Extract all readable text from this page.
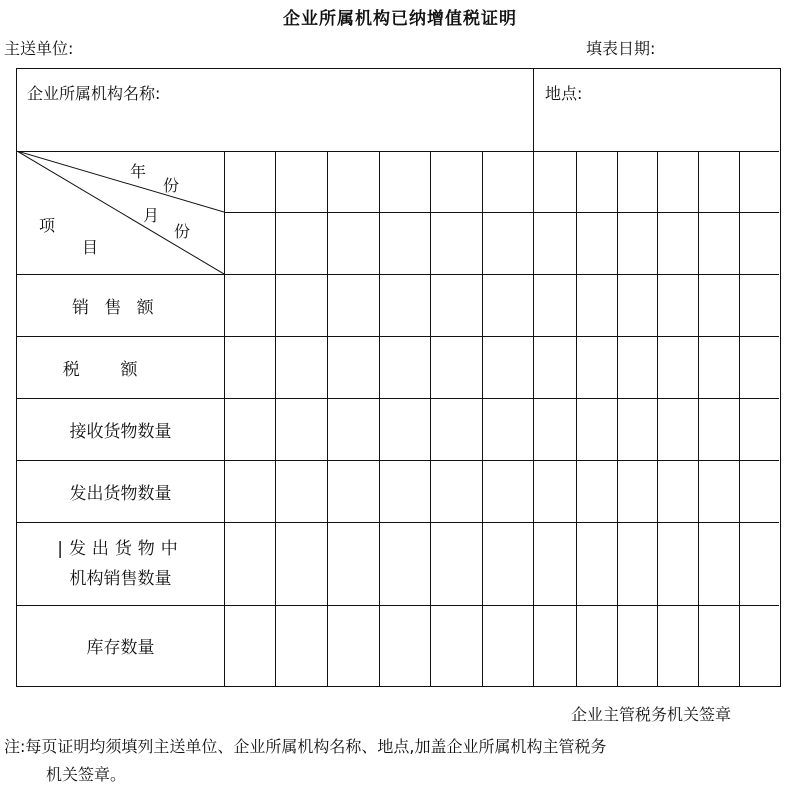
企业所属机构已纳增值税证明
主送单位:	填表日期:
企业所属机构名称:	地点:
年
份
月
份
项
目
销售额
税额
接收货物数量
发出货物数量
|发出货物中
机构销售数量
库存数量
企业主管税务机关签章
注:每页证明均须填列主送单位、企业所属机构名称、地点,加盖企业所属机构主管税务
机关签章。
